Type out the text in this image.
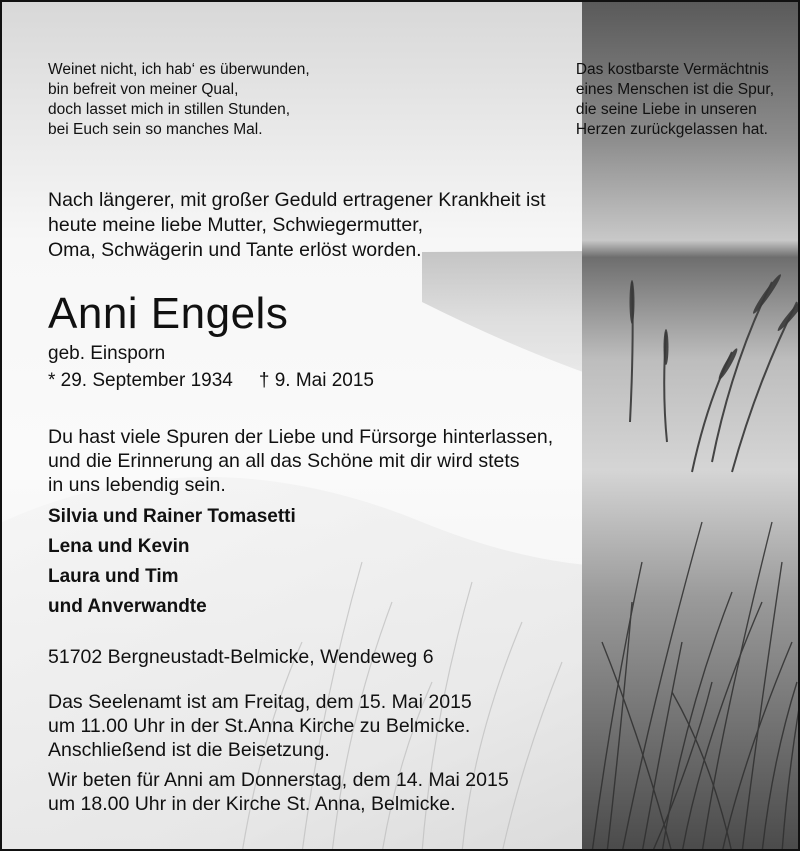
Weinet nicht, ich hab‘ es überwunden,
bin befreit von meiner Qual,
doch lasset mich in stillen Stunden,
bei Euch sein so manches Mal.
Das kostbarste Vermächtnis
eines Menschen ist die Spur,
die seine Liebe in unseren
Herzen zurückgelassen hat.
Nach längerer, mit großer Geduld ertragener Krankheit ist
heute meine liebe Mutter, Schwiegermutter,
Oma, Schwägerin und Tante erlöst worden.
Anni Engels
geb. Einsporn
* 29. September 1934 † 9. Mai 2015
Du hast viele Spuren der Liebe und Fürsorge hinterlassen,
und die Erinnerung an all das Schöne mit dir wird stets
in uns lebendig sein.
Silvia und Rainer Tomasetti
Lena und Kevin
Laura und Tim
und Anverwandte
51702 Bergneustadt-Belmicke, Wendeweg 6
Das Seelenamt ist am Freitag, dem 15. Mai 2015
um 11.00 Uhr in der St.Anna Kirche zu Belmicke.
Anschließend ist die Beisetzung.
Wir beten für Anni am Donnerstag, dem 14. Mai 2015
um 18.00 Uhr in der Kirche St. Anna, Belmicke.
